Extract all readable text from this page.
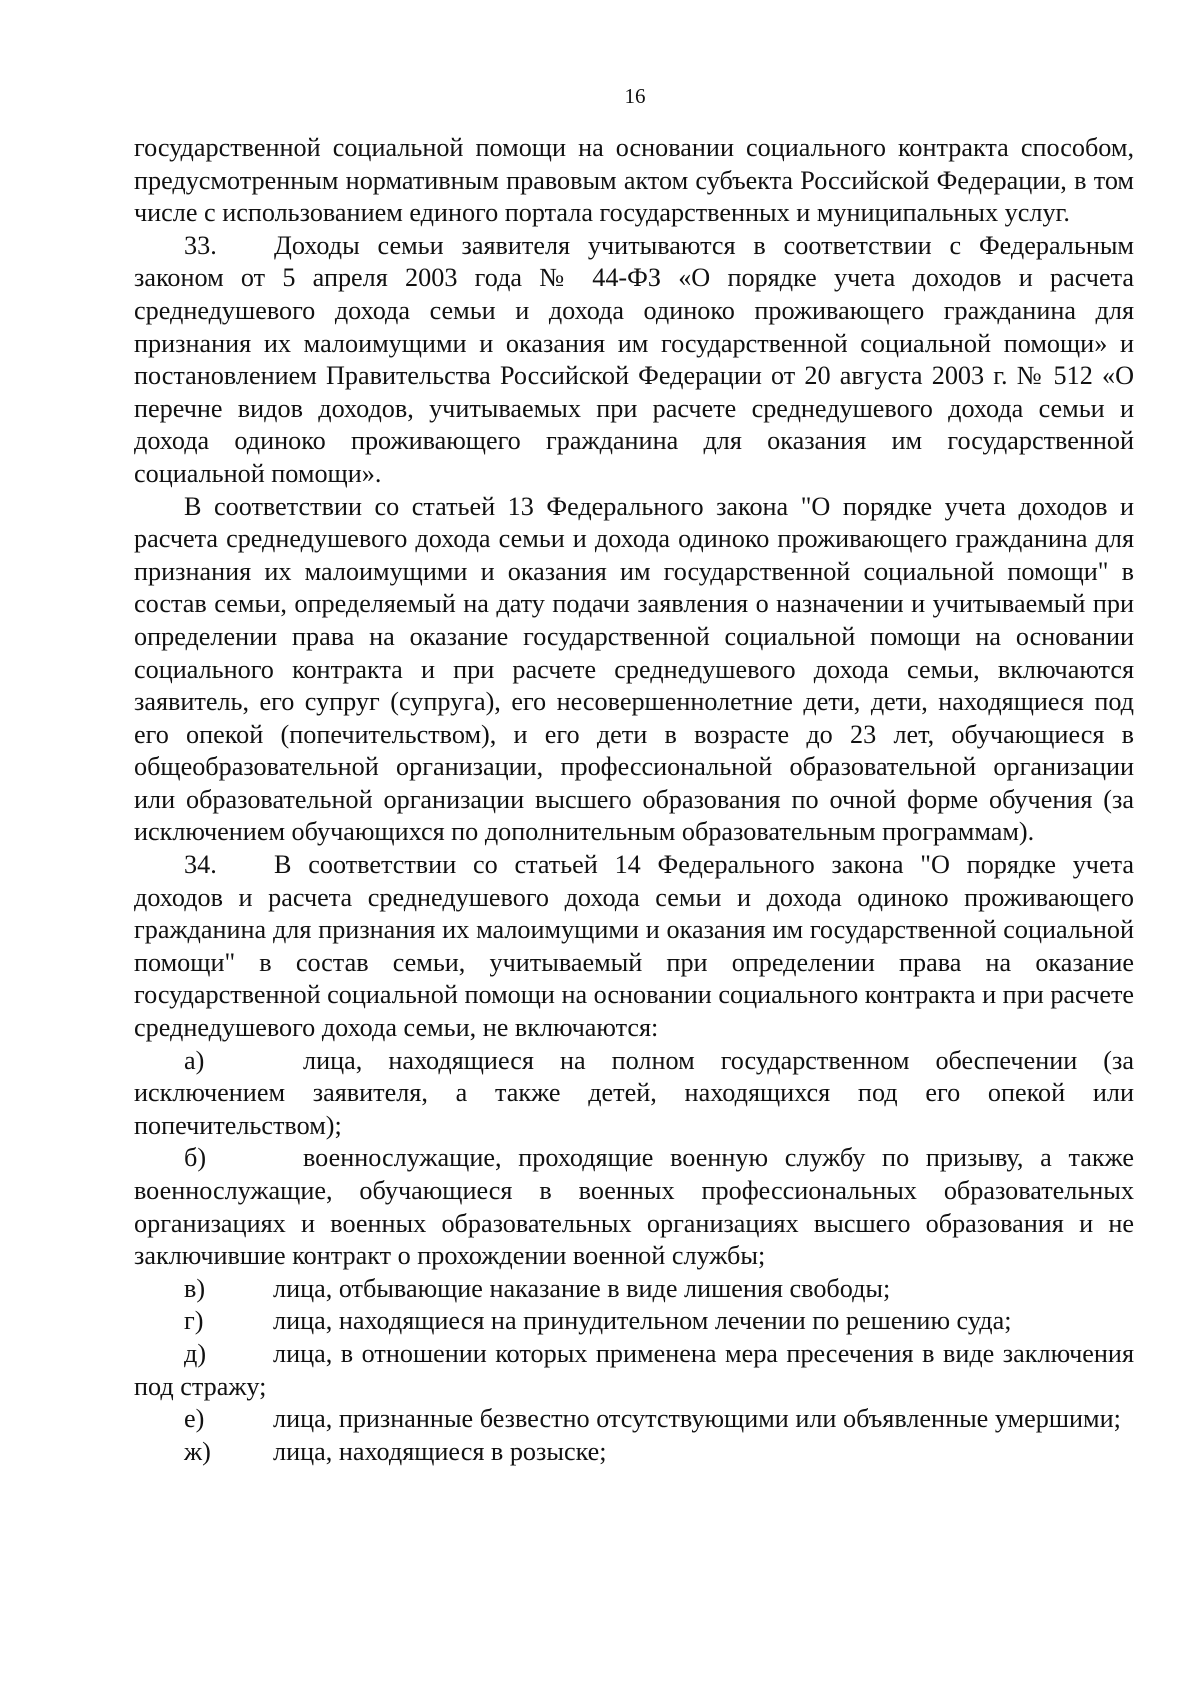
16

государственной социальной помощи на основании социального контракта способом, предусмотренным нормативным правовым актом субъекта Российской Федерации, в том числе с использованием единого портала государственных и муниципальных услуг.

33. Доходы семьи заявителя учитываются в соответствии с Федеральным законом от 5 апреля 2003 года № 44-ФЗ «О порядке учета доходов и расчета среднедушевого дохода семьи и дохода одиноко проживающего гражданина для признания их малоимущими и оказания им государственной социальной помощи» и постановлением Правительства Российской Федерации от 20 августа 2003 г. № 512 «О перечне видов доходов, учитываемых при расчете среднедушевого дохода семьи и дохода одиноко проживающего гражданина для оказания им государственной социальной помощи».

В соответствии со статьей 13 Федерального закона "О порядке учета доходов и расчета среднедушевого дохода семьи и дохода одиноко проживающего гражданина для признания их малоимущими и оказания им государственной социальной помощи" в состав семьи, определяемый на дату подачи заявления о назначении и учитываемый при определении права на оказание государственной социальной помощи на основании социального контракта и при расчете среднедушевого дохода семьи, включаются заявитель, его супруг (супруга), его несовершеннолетние дети, дети, находящиеся под его опекой (попечительством), и его дети в возрасте до 23 лет, обучающиеся в общеобразовательной организации, профессиональной образовательной организации или образовательной организации высшего образования по очной форме обучения (за исключением обучающихся по дополнительным образовательным программам).

34. В соответствии со статьей 14 Федерального закона "О порядке учета доходов и расчета среднедушевого дохода семьи и дохода одиноко проживающего гражданина для признания их малоимущими и оказания им государственной социальной помощи" в состав семьи, учитываемый при определении права на оказание государственной социальной помощи на основании социального контракта и при расчете среднедушевого дохода семьи, не включаются:

а)	лица, находящиеся на полном государственном обеспечении (за исключением заявителя, а также детей, находящихся под его опекой или попечительством);

б)	военнослужащие, проходящие военную службу по призыву, а также военнослужащие, обучающиеся в военных профессиональных образовательных организациях и военных образовательных организациях высшего образования и не заключившие контракт о прохождении военной службы;

в)	лица, отбывающие наказание в виде лишения свободы;

г)	лица, находящиеся на принудительном лечении по решению суда;

д)	лица, в отношении которых применена мера пресечения в виде заключения под стражу;

е)	лица, признанные безвестно отсутствующими или объявленные умершими;

ж) лица, находящиеся в розыске;
